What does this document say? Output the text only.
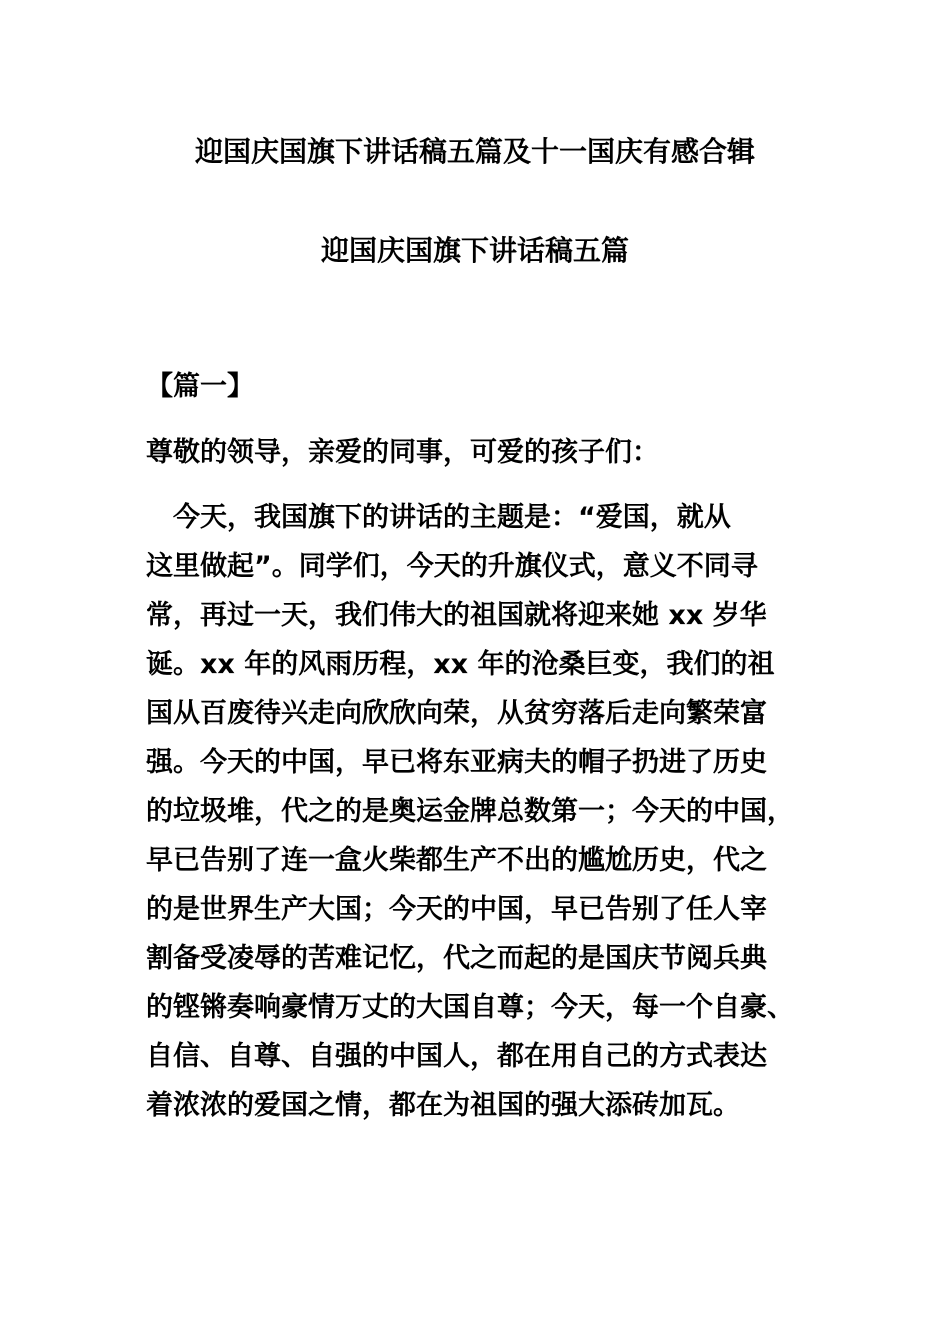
迎国庆国旗下讲话稿五篇及十一国庆有感合辑
迎国庆国旗下讲话稿五篇
【篇一】
尊敬的领导，亲爱的同事，可爱的孩子们：
　今天，我国旗下的讲话的主题是：“爱国，就从
这里做起”。同学们，今天的升旗仪式，意义不同寻
常，再过一天，我们伟大的祖国就将迎来她 xx 岁华
诞。xx 年的风雨历程，xx 年的沧桑巨变，我们的祖
国从百废待兴走向欣欣向荣，从贫穷落后走向繁荣富
强。今天的中国，早已将东亚病夫的帽子扔进了历史
的垃圾堆，代之的是奥运金牌总数第一；今天的中国，
早已告别了连一盒火柴都生产不出的尴尬历史，代之
的是世界生产大国；今天的中国，早已告别了任人宰
割备受凌辱的苦难记忆，代之而起的是国庆节阅兵典
的铿锵奏响豪情万丈的大国自尊；今天，每一个自豪、
自信、自尊、自强的中国人，都在用自己的方式表达
着浓浓的爱国之情，都在为祖国的强大添砖加瓦。
